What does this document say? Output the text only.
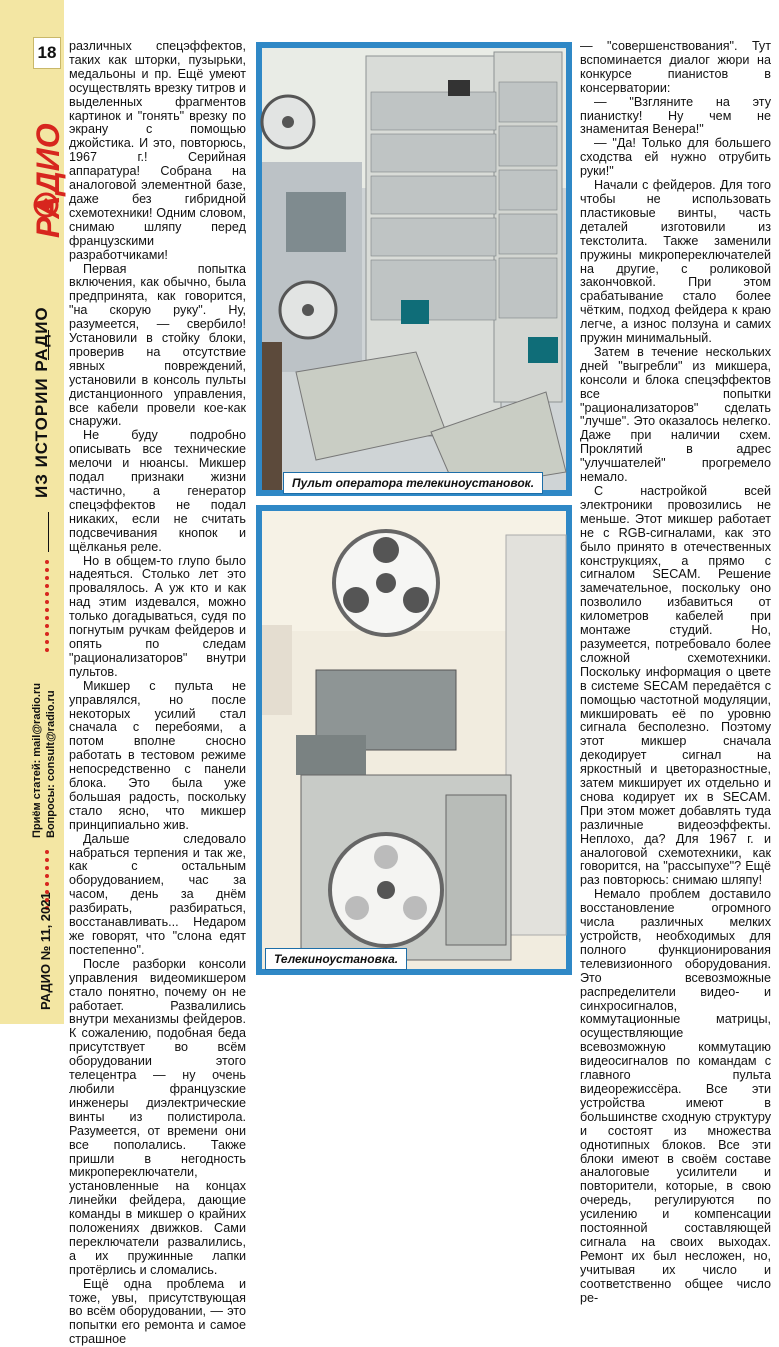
18
РАДИО
ИЗ ИСТОРИИ РАДИО
Приём статей: mail@radio.ru Вопросы: consult@radio.ru
РАДИО № 11, 2021

различных спецэффектов, таких как шторки, пузырьки, медальоны и пр. Ещё умеют осуществлять врезку титров и выделенных фрагментов картинок и "гонять" врезку по экрану с помощью джойстика. И это, повторюсь, 1967 г.! Серийная аппаратура! Собрана на аналоговой элементной базе, даже без гибридной схемотехники! Одним словом, снимаю шляпу перед французскими разработчиками!

Первая попытка включения, как обычно, была предпринята, как говорится, "на скорую руку". Ну, разумеется, — свербило! Установили в стойку блоки, проверив на отсутствие явных повреждений, установили в консоль пульты дистанционного управления, все кабели провели кое-как снаружи.

Не буду подробно описывать все технические мелочи и нюансы. Микшер подал признаки жизни частично, а генератор спецэффектов не подал никаких, если не считать подсвечивания кнопок и щёлканья реле.

Но в общем-то глупо было надеяться. Столько лет это провалялось. А уж кто и как над этим издевался, можно только догадываться, судя по погнутым ручкам фейдеров и опять по следам "рационализаторов" внутри пультов.

Микшер с пульта не управлялся, но после некоторых усилий стал сначала с перебоями, а потом вполне сносно работать в тестовом режиме непосредственно с панели блока. Это была уже большая радость, поскольку стало ясно, что микшер принципиально жив.

Дальше следовало набраться терпения и так же, как с остальным оборудованием, час за часом, день за днём разбирать, разбираться, восстанавливать... Недаром же говорят, что "слона едят постепенно".

После разборки консоли управления видеомикшером стало понятно, почему он не работает. Развалились внутри механизмы фейдеров. К сожалению, подобная беда присутствует во всём оборудовании этого телецентра — ну очень любили французские инженеры диэлектрические винты из полистирола. Разумеется, от времени они все пополались. Также пришли в негодность микропереключатели, установленные на концах линейки фейдера, дающие команды в микшер о крайних положениях движков. Сами переключатели развалились, а их пружинные лапки протёрлись и сломались.

Ещё одна проблема и тоже, увы, присутствующая во всём оборудовании, — это попытки его ремонта и самое страшное

Пульт оператора телекиноустановок.
Телекиноустановка.

— "совершенствования". Тут вспоминается диалог жюри на конкурсе пианистов в консерватории:

— "Взгляните на эту пианистку! Ну чем не знаменитая Венера!"

— "Да! Только для большего сходства ей нужно отрубить руки!"

Начали с фейдеров. Для того чтобы не использовать пластиковые винты, часть деталей изготовили из текстолита. Также заменили пружины микропереключателей на другие, с роликовой закончовкой. При этом срабатывание стало более чётким, подход фейдера к краю легче, а износ ползуна и самих пружин минимальный.

Затем в течение нескольких дней "выгребли" из микшера, консоли и блока спецэффектов все попытки "рационализаторов" сделать "лучше". Это оказалось нелегко. Даже при наличии схем. Проклятий в адрес "улучшателей" прогремело немало.

С настройкой всей электроники провозились не меньше. Этот микшер работает не с RGB-сигналами, как это было принято в отечественных конструкциях, а прямо с сигналом SECAM. Решение замечательное, поскольку оно позволило избавиться от километров кабелей при монтаже студий. Но, разумеется, потребовало более сложной схемотехники. Поскольку информация о цвете в системе SECAM передаётся с помощью частотной модуляции, микшировать её по уровню сигнала бесполезно. Поэтому этот микшер сначала декодирует сигнал на яркостный и цветоразностные, затем микширует их отдельно и снова кодирует их в SECAM. При этом может добавлять туда различные видеоэффекты. Неплохо, да? Для 1967 г. и аналоговой схемотехники, как говорится, на "рассыпухе"? Ещё раз повторюсь: снимаю шляпу!

Немало проблем доставило восстановление огромного числа различных мелких устройств, необходимых для полного функционирования телевизионного оборудования. Это всевозможные распределители видео- и синхросигналов, коммутационные матрицы, осуществляющие всевозможную коммутацию видеосигналов по командам с главного пульта видеорежиссёра. Все эти устройства имеют в большинстве сходную структуру и состоят из множества однотипных блоков. Все эти блоки имеют в своём составе аналоговые усилители и повторители, которые, в свою очередь, регулируются по усилению и компенсации постоянной составляющей сигнала на своих выходах. Ремонт их был несложен, но, учитывая их число и соответственно общее число ре-
